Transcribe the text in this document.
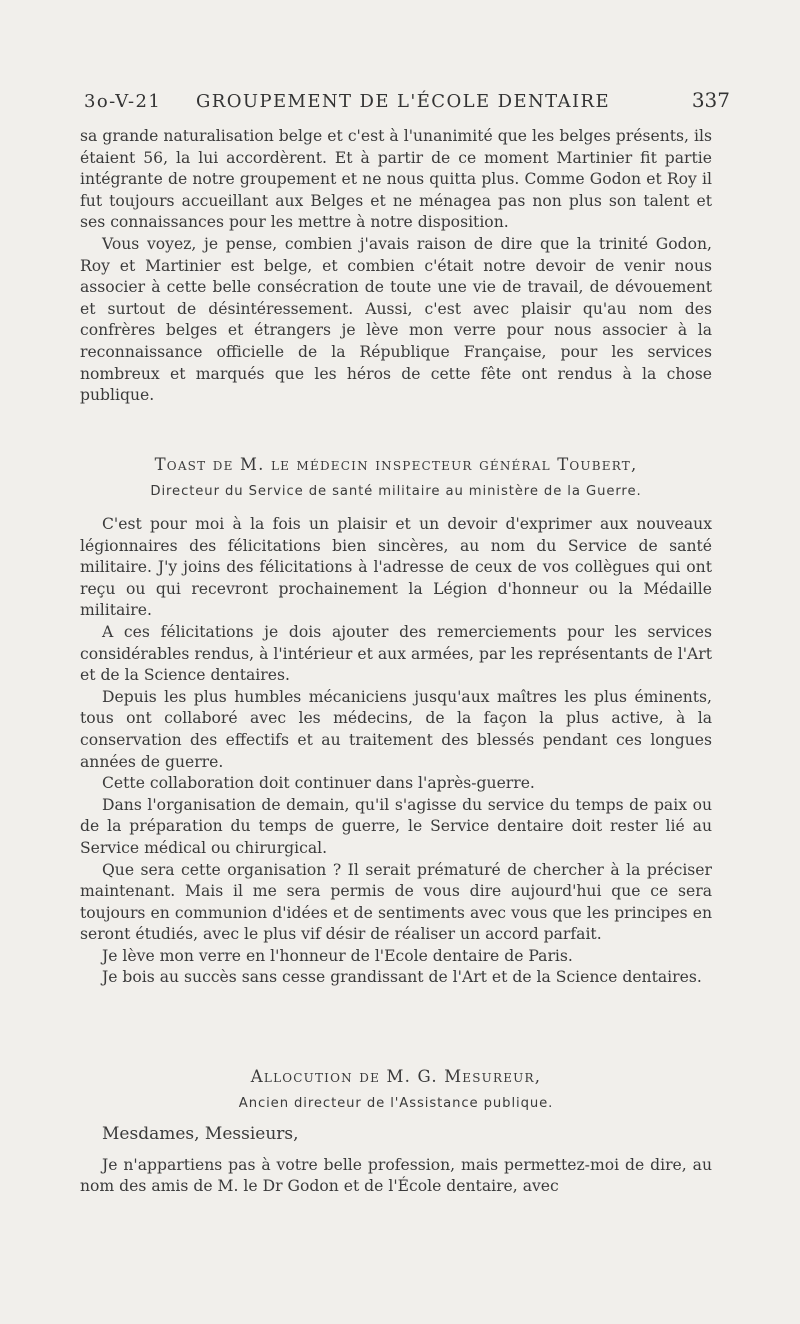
3o-V-21	GROUPEMENT DE L'ÉCOLE DENTAIRE	337

sa grande naturalisation belge et c'est à l'unanimité que les belges présents, ils étaient 56, la lui accordèrent. Et à partir de ce moment Martinier fit partie intégrante de notre groupement et ne nous quitta plus. Comme Godon et Roy il fut toujours accueillant aux Belges et ne ménagea pas non plus son talent et ses connaissances pour les mettre à notre disposition.

Vous voyez, je pense, combien j'avais raison de dire que la trinité Godon, Roy et Martinier est belge, et combien c'était notre devoir de venir nous associer à cette belle consécration de toute une vie de travail, de dévouement et surtout de désintéressement. Aussi, c'est avec plaisir qu'au nom des confrères belges et étrangers je lève mon verre pour nous associer à la reconnaissance officielle de la République Française, pour les services nombreux et marqués que les héros de cette fête ont rendus à la chose publique.

Toast de M. le médecin inspecteur général Toubert,
Directeur du Service de santé militaire au ministère de la Guerre.

C'est pour moi à la fois un plaisir et un devoir d'exprimer aux nouveaux légionnaires des félicitations bien sincères, au nom du Service de santé militaire. J'y joins des félicitations à l'adresse de ceux de vos collègues qui ont reçu ou qui recevront prochainement la Légion d'honneur ou la Médaille militaire.

A ces félicitations je dois ajouter des remerciements pour les services considérables rendus, à l'intérieur et aux armées, par les représentants de l'Art et de la Science dentaires.

Depuis les plus humbles mécaniciens jusqu'aux maîtres les plus éminents, tous ont collaboré avec les médecins, de la façon la plus active, à la conservation des effectifs et au traitement des blessés pendant ces longues années de guerre.

Cette collaboration doit continuer dans l'après-guerre.

Dans l'organisation de demain, qu'il s'agisse du service du temps de paix ou de la préparation du temps de guerre, le Service dentaire doit rester lié au Service médical ou chirurgical.

Que sera cette organisation ? Il serait prématuré de chercher à la préciser maintenant. Mais il me sera permis de vous dire aujourd'hui que ce sera toujours en communion d'idées et de sentiments avec vous que les principes en seront étudiés, avec le plus vif désir de réaliser un accord parfait.

Je lève mon verre en l'honneur de l'Ecole dentaire de Paris.

Je bois au succès sans cesse grandissant de l'Art et de la Science dentaires.

Allocution de M. G. Mesureur,
Ancien directeur de l'Assistance publique.

Mesdames, Messieurs,

Je n'appartiens pas à votre belle profession, mais permettez-moi de dire, au nom des amis de M. le Dr Godon et de l'École dentaire, avec
